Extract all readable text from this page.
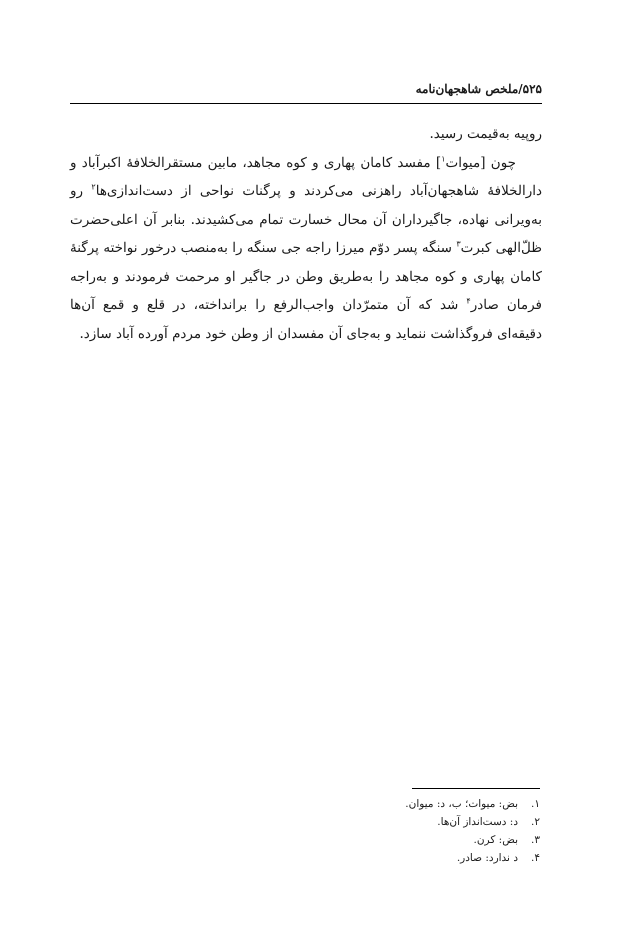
۵۲۵/ملخص شاهجهان‌نامه

روپیه به‌قیمت رسید.

چون [میوات$^۱$] مفسد کامان پهاری و کوه مجاهد، مابین مستقرالخلافهٔ اکبرآباد و دارالخلافهٔ شاهجهان‌آباد راهزنی می‌کردند و پرگنات نواحی از دست‌اندازی‌ها$^۲$ رو به‌ویرانی نهاده، جاگیرداران آن محال خسارت تمام می‌کشیدند. بنابر آن اعلی‌حضرت ظلّ‌الهی کبرت$^۳$ سنگه پسر دوّم میرزا راجه جی سنگه را به‌منصب درخور نواخته پرگنهٔ کامان پهاری و کوه مجاهد را به‌طریق وطن در جاگیر او مرحمت فرمودند و به‌راجه فرمان صادر$^۴$ شد که آن متمرّدان واجب‌الرفع را برانداخته، در قلع و قمع آن‌ها دقیقه‌ای فروگذاشت ننماید و به‌جای آن مفسدان از وطن خود مردم آورده آباد سازد.

۱.بض: میوات؛ ب، د: میوان.
۲.د: دست‌انداز آن‌ها.
۳.بض: کرن.
۴.د ندارد: صادر.
